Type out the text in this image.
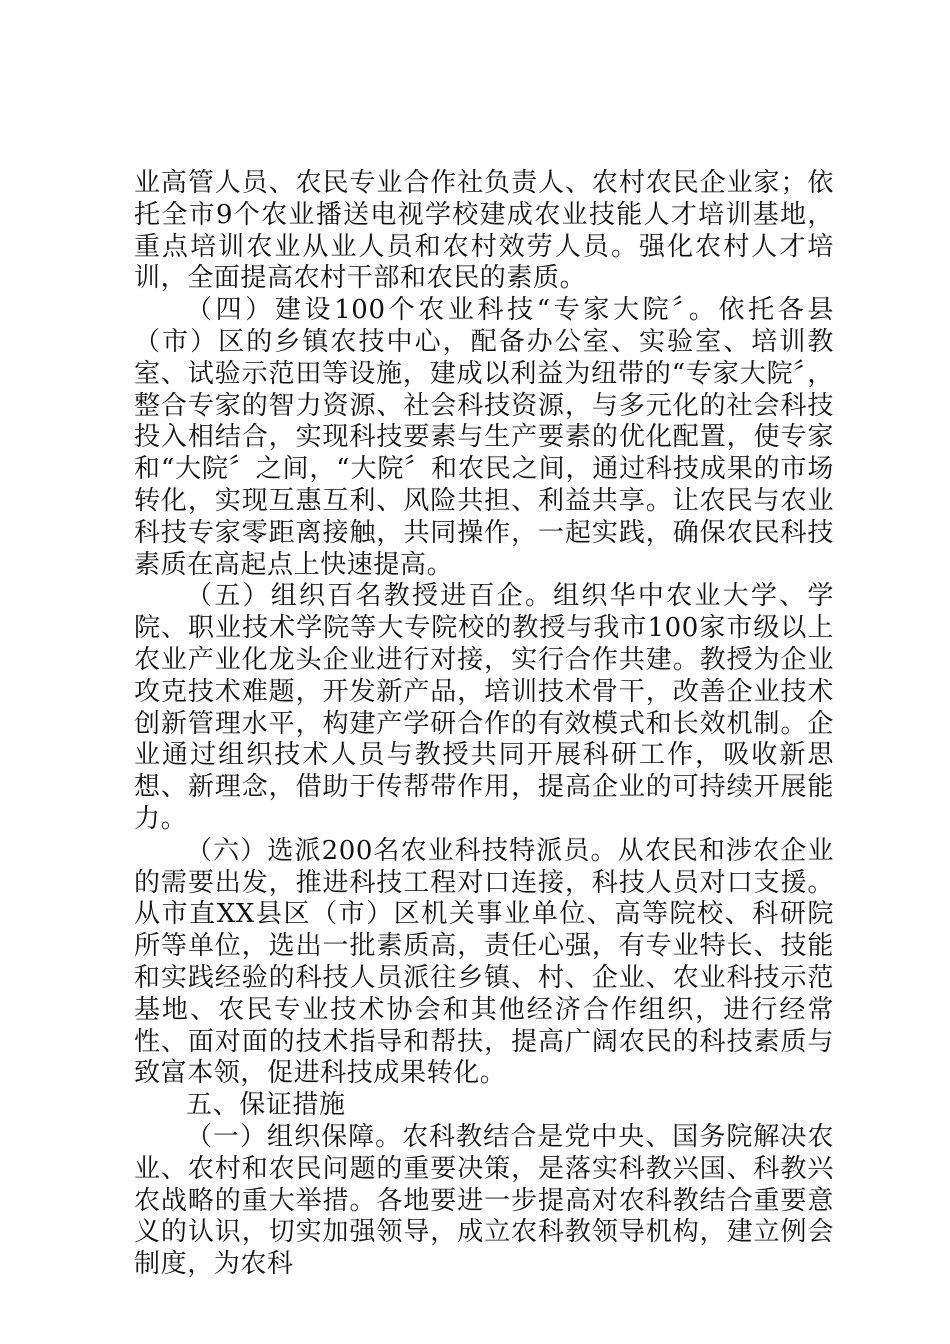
业高管人员、农民专业合作社负责人、农村农民企业家；依托全市9个农业播送电视学校建成农业技能人才培训基地，重点培训农业从业人员和农村效劳人员。强化农村人才培训，全面提高农村干部和农民的素质。

（四）建设100个农业科技“专家大院〞。依托各县（市）区的乡镇农技中心，配备办公室、实验室、培训教室、试验示范田等设施，建成以利益为纽带的“专家大院〞，整合专家的智力资源、社会科技资源，与多元化的社会科技投入相结合，实现科技要素与生产要素的优化配置，使专家和“大院〞之间，“大院〞和农民之间，通过科技成果的市场转化，实现互惠互利、风险共担、利益共享。让农民与农业科技专家零距离接触，共同操作，一起实践，确保农民科技素质在高起点上快速提高。

（五）组织百名教授进百企。组织华中农业大学、学院、职业技术学院等大专院校的教授与我市100家市级以上农业产业化龙头企业进行对接，实行合作共建。教授为企业攻克技术难题，开发新产品，培训技术骨干，改善企业技术创新管理水平，构建产学研合作的有效模式和长效机制。企业通过组织技术人员与教授共同开展科研工作，吸收新思想、新理念，借助于传帮带作用，提高企业的可持续开展能力。

（六）选派200名农业科技特派员。从农民和涉农企业的需要出发，推进科技工程对口连接，科技人员对口支援。从市直XX县区（市）区机关事业单位、高等院校、科研院所等单位，选出一批素质高，责任心强，有专业特长、技能和实践经验的科技人员派往乡镇、村、企业、农业科技示范基地、农民专业技术协会和其他经济合作组织，进行经常性、面对面的技术指导和帮扶，提高广阔农民的科技素质与致富本领，促进科技成果转化。

五、保证措施

（一）组织保障。农科教结合是党中央、国务院解决农业、农村和农民问题的重要决策，是落实科教兴国、科教兴农战略的重大举措。各地要进一步提高对农科教结合重要意义的认识，切实加强领导，成立农科教领导机构，建立例会制度，为农科
